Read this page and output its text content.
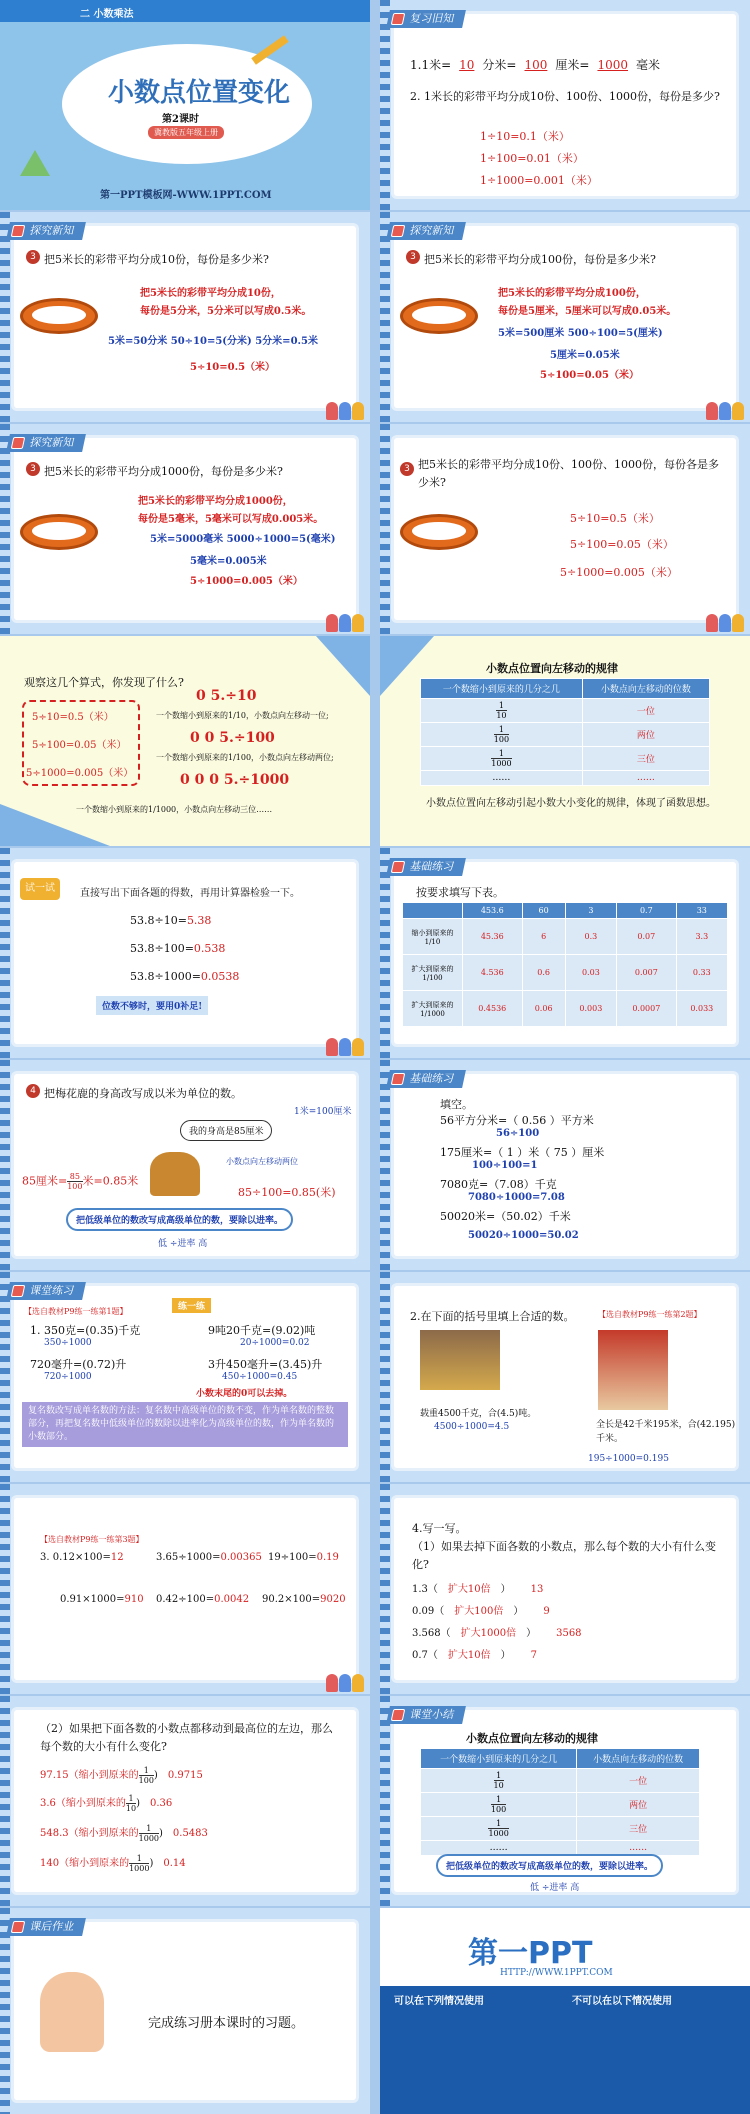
二 小数乘法
小数点位置变化
第2课时
冀教版五年级上册
第一PPT模板网-WWW.1PPT.COM
复习旧知
1.1米= 10 分米= 100 厘米= 1000 毫米
2. 1米长的彩带平均分成10份、100份、1000份，每份是多少?
1÷10=0.1（米）
1÷100=0.01（米）
1÷1000=0.001（米）
探究新知
3 把5米长的彩带平均分成10份，每份是多少米?
把5米长的彩带平均分成10份，
每份是5分米，5分米可以写成0.5米。
5米=50分米 50÷10=5(分米) 5分米=0.5米
5÷10=0.5（米）
探究新知
3 把5米长的彩带平均分成100份，每份是多少米?
把5米长的彩带平均分成100份，
每份是5厘米，5厘米可以写成0.05米。
5米=500厘米 500÷100=5(厘米)
5厘米=0.05米
5÷100=0.05（米）
探究新知
3 把5米长的彩带平均分成1000份，每份是多少米?
把5米长的彩带平均分成1000份，
每份是5毫米，5毫米可以写成0.005米。
5米=5000毫米 5000÷1000=5(毫米)
5毫米=0.005米
5÷1000=0.005（米）
3 把5米长的彩带平均分成10份、100份、1000份，每份各是多少米?
5÷10=0.5（米）
5÷100=0.05（米）
5÷1000=0.005（米）
观察这几个算式，你发现了什么?
5÷10=0.5（米）
5÷100=0.05（米）
5÷1000=0.005（米）
0 5.÷10
一个数缩小到原来的1/10，小数点向左移动一位;
0 0 5.÷100
一个数缩小到原来的1/100，小数点向左移动两位;
0 0 0 5.÷1000
一个数缩小到原来的1/1000，小数点向左移动三位……
小数点位置向左移动的规律
一个数缩小到原来的几分之几	小数点向左移动的位数

$\frac{1}{10}$	一位

$\frac{1}{100}$	两位

$\frac{1}{1000}$	三位
……	……
小数点位置向左移动引起小数大小变化的规律，体现了函数思想。
试一试	直接写出下面各题的得数，再用计算器检验一下。
53.8÷10=5.38
53.8÷100=0.538
53.8÷1000=0.0538
位数不够时，要用0补足!
基础练习
按要求填写下表。
	453.6	60	3	0.7	33
缩小到原来的1/10	45.36	6	0.3	0.07	3.3
扩大到原来的1/100	4.536	0.6	0.03	0.007	0.33
扩大到原来的1/1000	0.4536	0.06	0.003	0.0007	0.033
4 把梅花鹿的身高改写成以米为单位的数。
我的身高是85厘米
1米=100厘米
小数点向左移动两位
85厘米= $\frac{85}{100}$ 米=0.85米
85÷100=0.85(米)
把低级单位的数改写成高级单位的数，要除以进率。
低 ÷进率 高
基础练习
填空。
56平方分米=（ 0.56 ）平方米
56÷100
175厘米=（ 1 ）米（ 75 ）厘米
100÷100=1
7080克=（7.08）千克
7080÷1000=7.08
50020米=（50.02）千米
50020÷1000=50.02
课堂练习
【选自教材P9练一练第1题】	练一练
1. 350克=(0.35)千克
350÷1000
9吨20千克=(9.02)吨
20÷1000=0.02
720毫升=(0.72)升
720÷1000
3升450毫升=(3.45)升
450÷1000=0.45
小数末尾的0可以去掉。
复名数改写成单名数的方法：复名数中高级单位的数不变，作为单名数的整数部分，再把复名数中低级单位的数除以进率化为高级单位的数，作为单名数的小数部分。
2.在下面的括号里填上合适的数。	【选自教材P9练一练第2题】
载重4500千克，合(4.5)吨。
4500÷1000=4.5	全长是42千米195米，合(42.195)千米。
195÷1000=0.195
【选自教材P9练一练第3题】
3. 0.12×100=12	3.65÷1000=0.00365 19÷100=0.19
0.91×1000=910 0.42÷100=0.0042 90.2×100=9020
4.写一写。
（1）如果去掉下面各数的小数点，那么每个数的大小有什么变化?
1.3（ 扩大10倍 ） 13
0.09（ 扩大100倍 ） 9
3.568（ 扩大1000倍 ） 3568
0.7（ 扩大10倍 ） 7
（2）如果把下面各数的小数点都移动到最高位的左边，那么每个数的大小有什么变化?
97.15（缩小到原来的 $\frac{1}{100}$ ) 0.9715
3.6（缩小到原来的 $\frac{1}{10}$ ) 0.36
548.3（缩小到原来的 $\frac{1}{1000}$ ) 0.5483
140（缩小到原来的 $\frac{1}{1000}$ ) 0.14
课堂小结
小数点位置向左移动的规律
一个数缩小到原来的几分之几	小数点向左移动的位数

$\frac{1}{10}$	一位

$\frac{1}{100}$	两位

$\frac{1}{1000}$	三位
……	……
把低级单位的数改写成高级单位的数，要除以进率。
低 ÷进率 高
课后作业
完成练习册本课时的习题。
第一PPT
HTTP://WWW.1PPT.COM
可以在下列情况使用	不可以在以下情况使用
